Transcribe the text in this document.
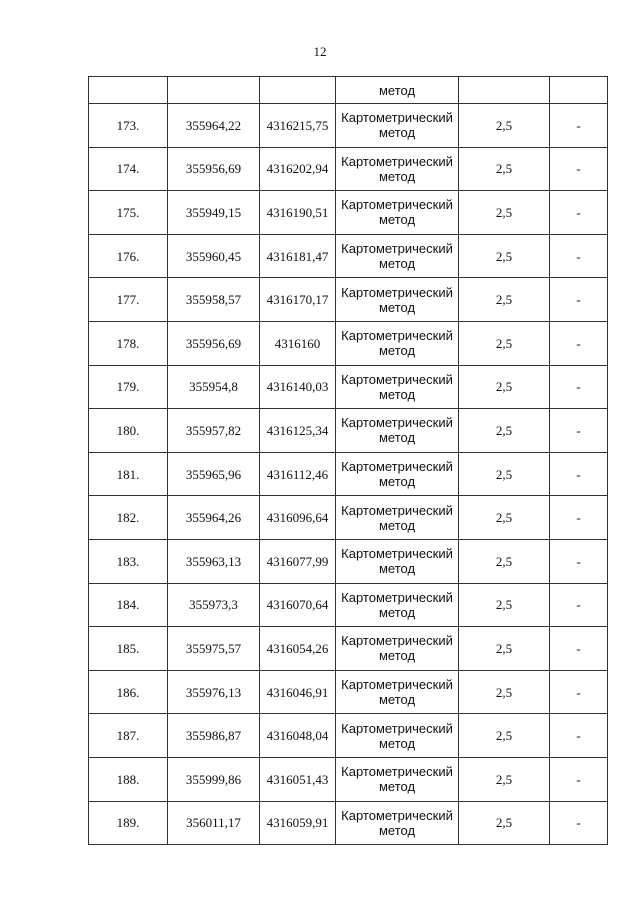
12
			метод		
173.	355964,22	4316215,75	Картометрический
метод	2,5	-
174.	355956,69	4316202,94	Картометрический
метод	2,5	-
175.	355949,15	4316190,51	Картометрический
метод	2,5	-
176.	355960,45	4316181,47	Картометрический
метод	2,5	-
177.	355958,57	4316170,17	Картометрический
метод	2,5	-
178.	355956,69	4316160	Картометрический
метод	2,5	-
179.	355954,8	4316140,03	Картометрический
метод	2,5	-
180.	355957,82	4316125,34	Картометрический
метод	2,5	-
181.	355965,96	4316112,46	Картометрический
метод	2,5	-
182.	355964,26	4316096,64	Картометрический
метод	2,5	-
183.	355963,13	4316077,99	Картометрический
метод	2,5	-
184.	355973,3	4316070,64	Картометрический
метод	2,5	-
185.	355975,57	4316054,26	Картометрический
метод	2,5	-
186.	355976,13	4316046,91	Картометрический
метод	2,5	-
187.	355986,87	4316048,04	Картометрический
метод	2,5	-
188.	355999,86	4316051,43	Картометрический
метод	2,5	-
189.	356011,17	4316059,91	Картометрический
метод	2,5	-
